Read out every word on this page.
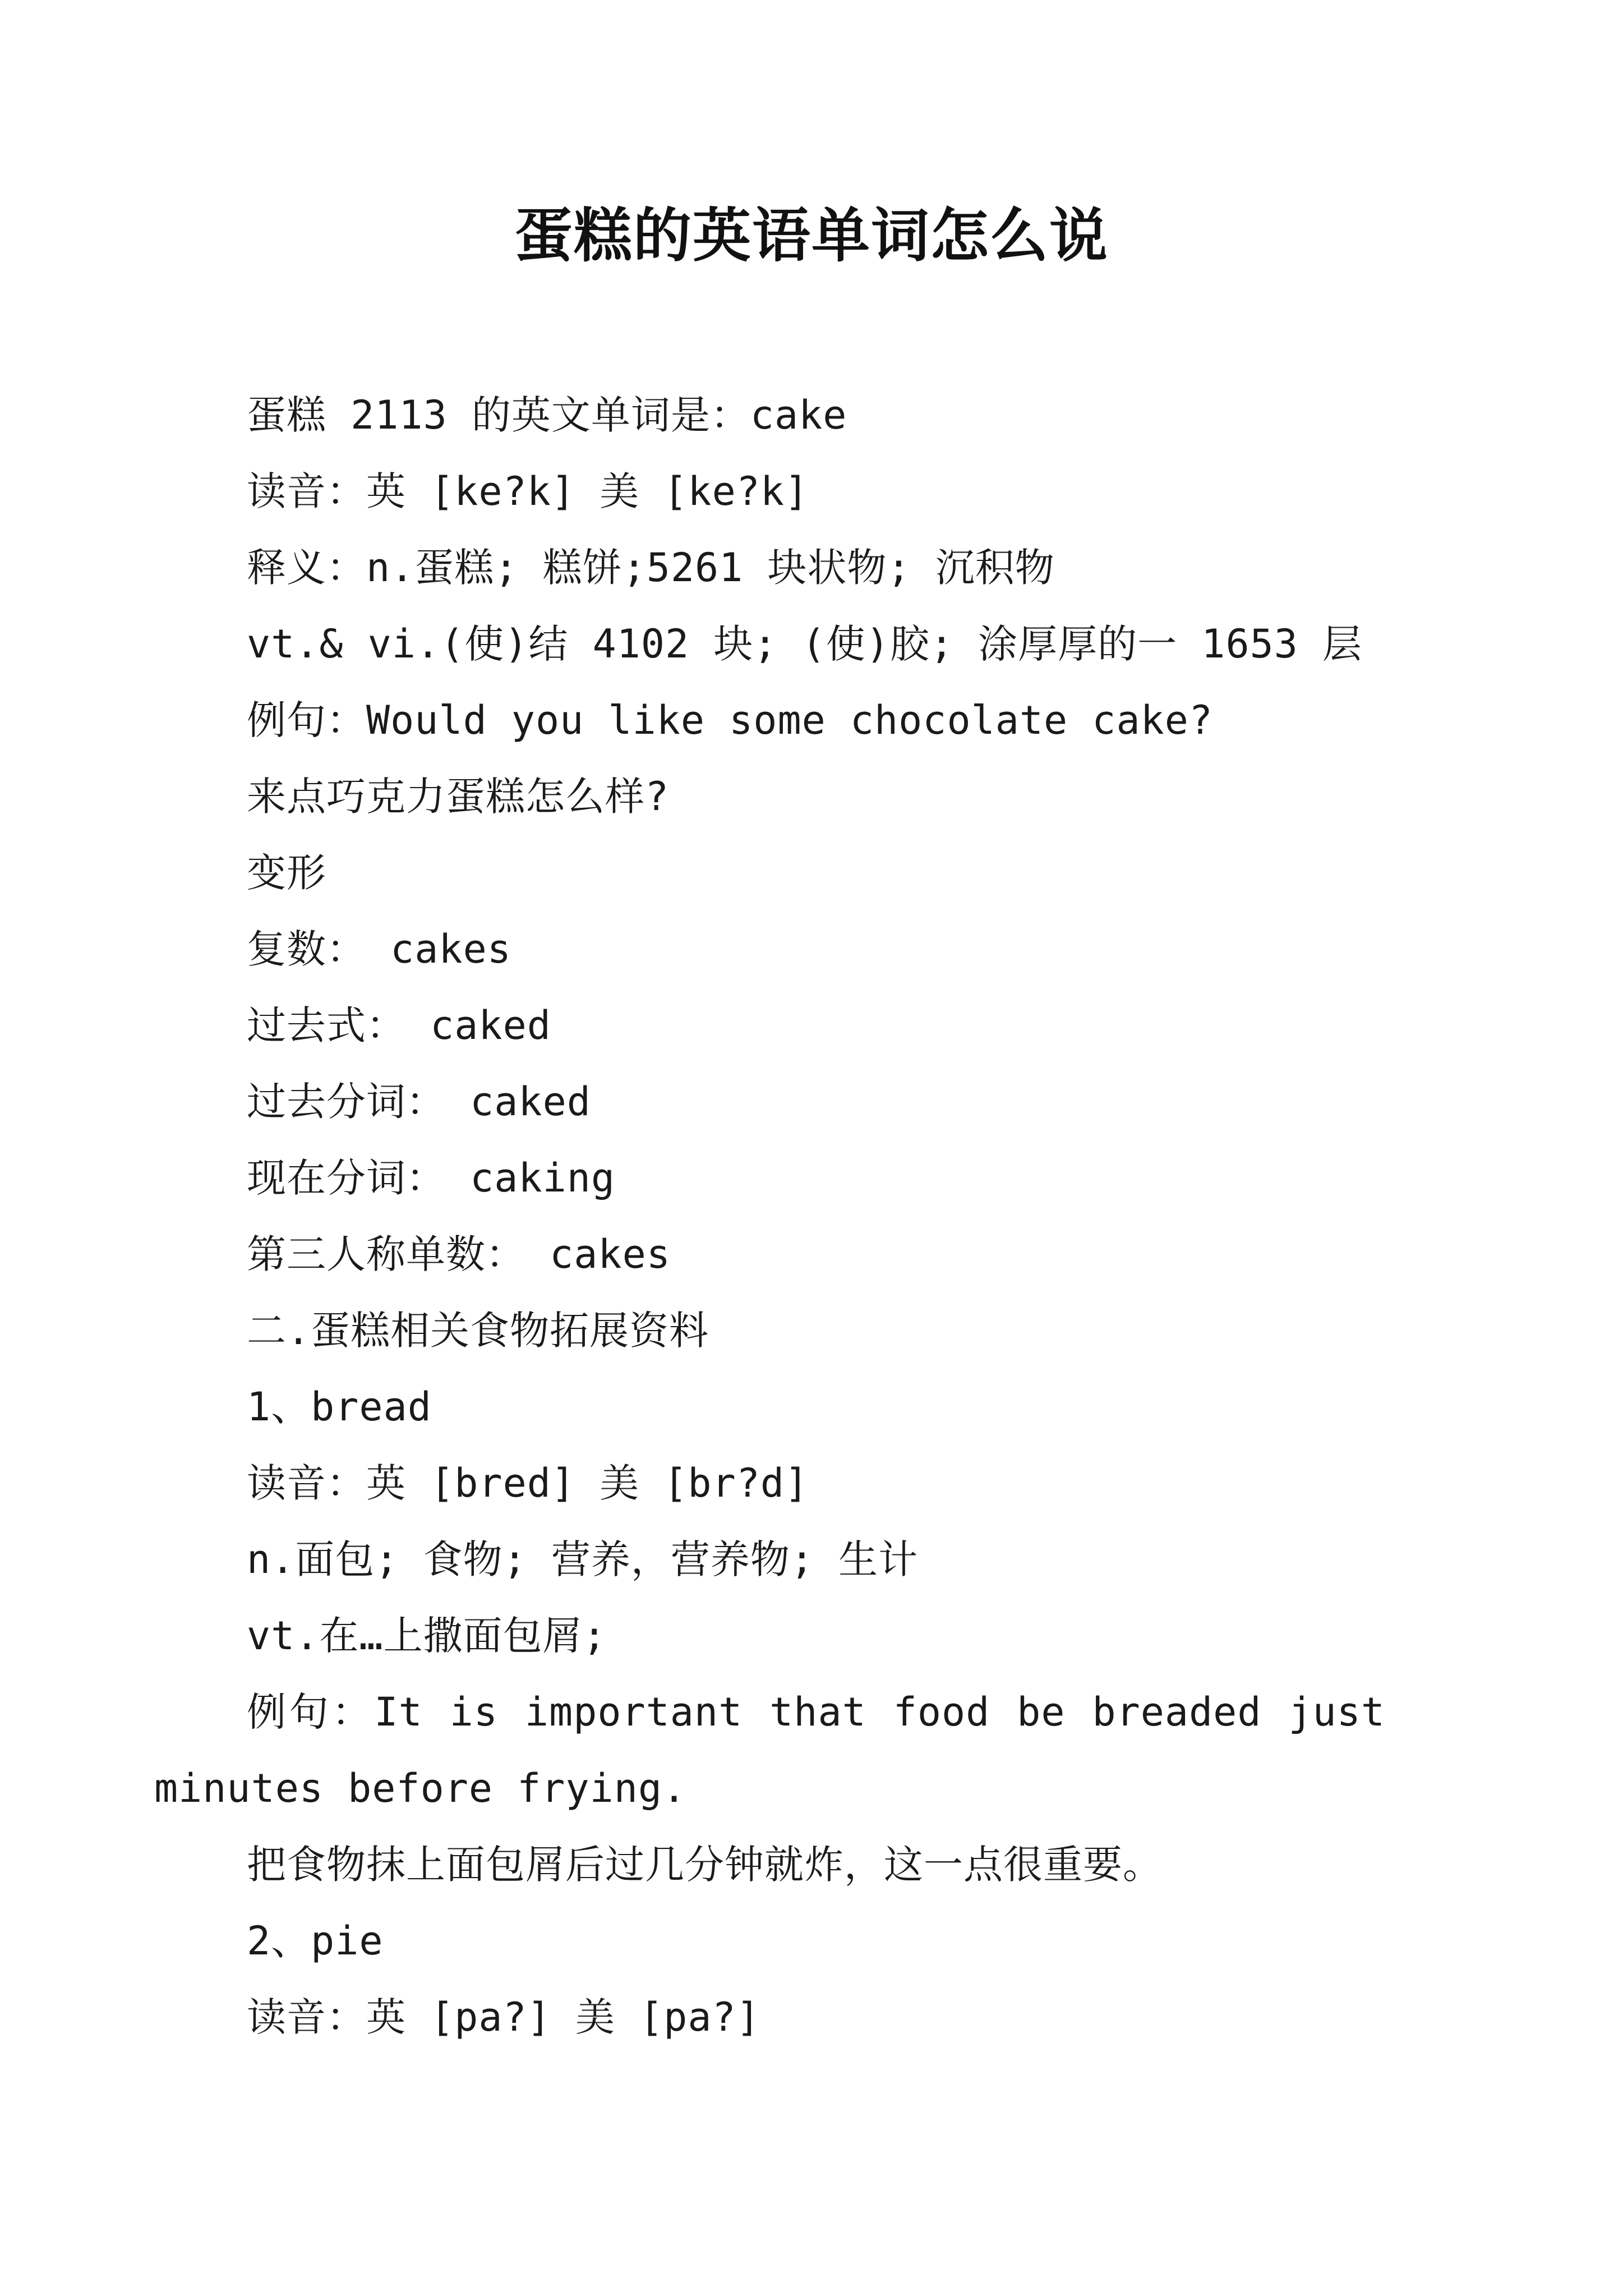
蛋糕的英语单词怎么说
蛋糕 2113 的英文单词是：cake
读音：英 [ke?k] 美 [ke?k]
释义：n.蛋糕; 糕饼;5261 块状物; 沉积物
vt.& vi.(使)结 4102 块; (使)胶; 涂厚厚的一 1653 层
例句：Would you like some chocolate cake?
来点巧克力蛋糕怎么样?
变形
复数： cakes
过去式： caked
过去分词： caked
现在分词： caking
第三人称单数： cakes
二.蛋糕相关食物拓展资料
1、bread
读音：英 [bred] 美 [br?d]
n.面包; 食物; 营养，营养物; 生计
vt.在…上撒面包屑;
例句：It is important that food be breaded just
minutes before frying.
把食物抹上面包屑后过几分钟就炸，这一点很重要。
2、pie
读音：英 [pa?] 美 [pa?]
